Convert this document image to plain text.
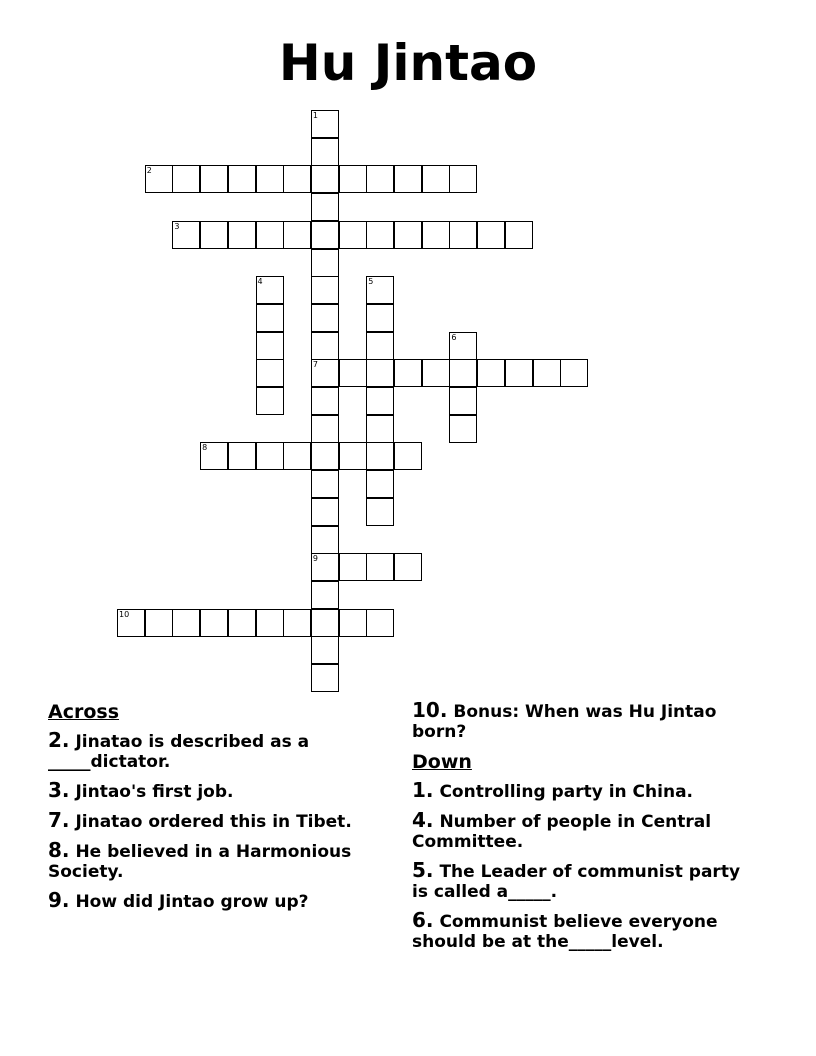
Hu Jintao
1
7
9
2
3
4	5
6
8
10
Across
2. Jinatao is described as a _____dictator.
3. Jintao's first job.
7. Jinatao ordered this in Tibet.
8. He believed in a Harmonious Society.
9. How did Jintao grow up?
10. Bonus: When was Hu Jintao born?
Down
1. Controlling party in China.
4. Number of people in Central Committee.
5. The Leader of communist party is called a_____.
6. Communist believe everyone should be at the_____level.
